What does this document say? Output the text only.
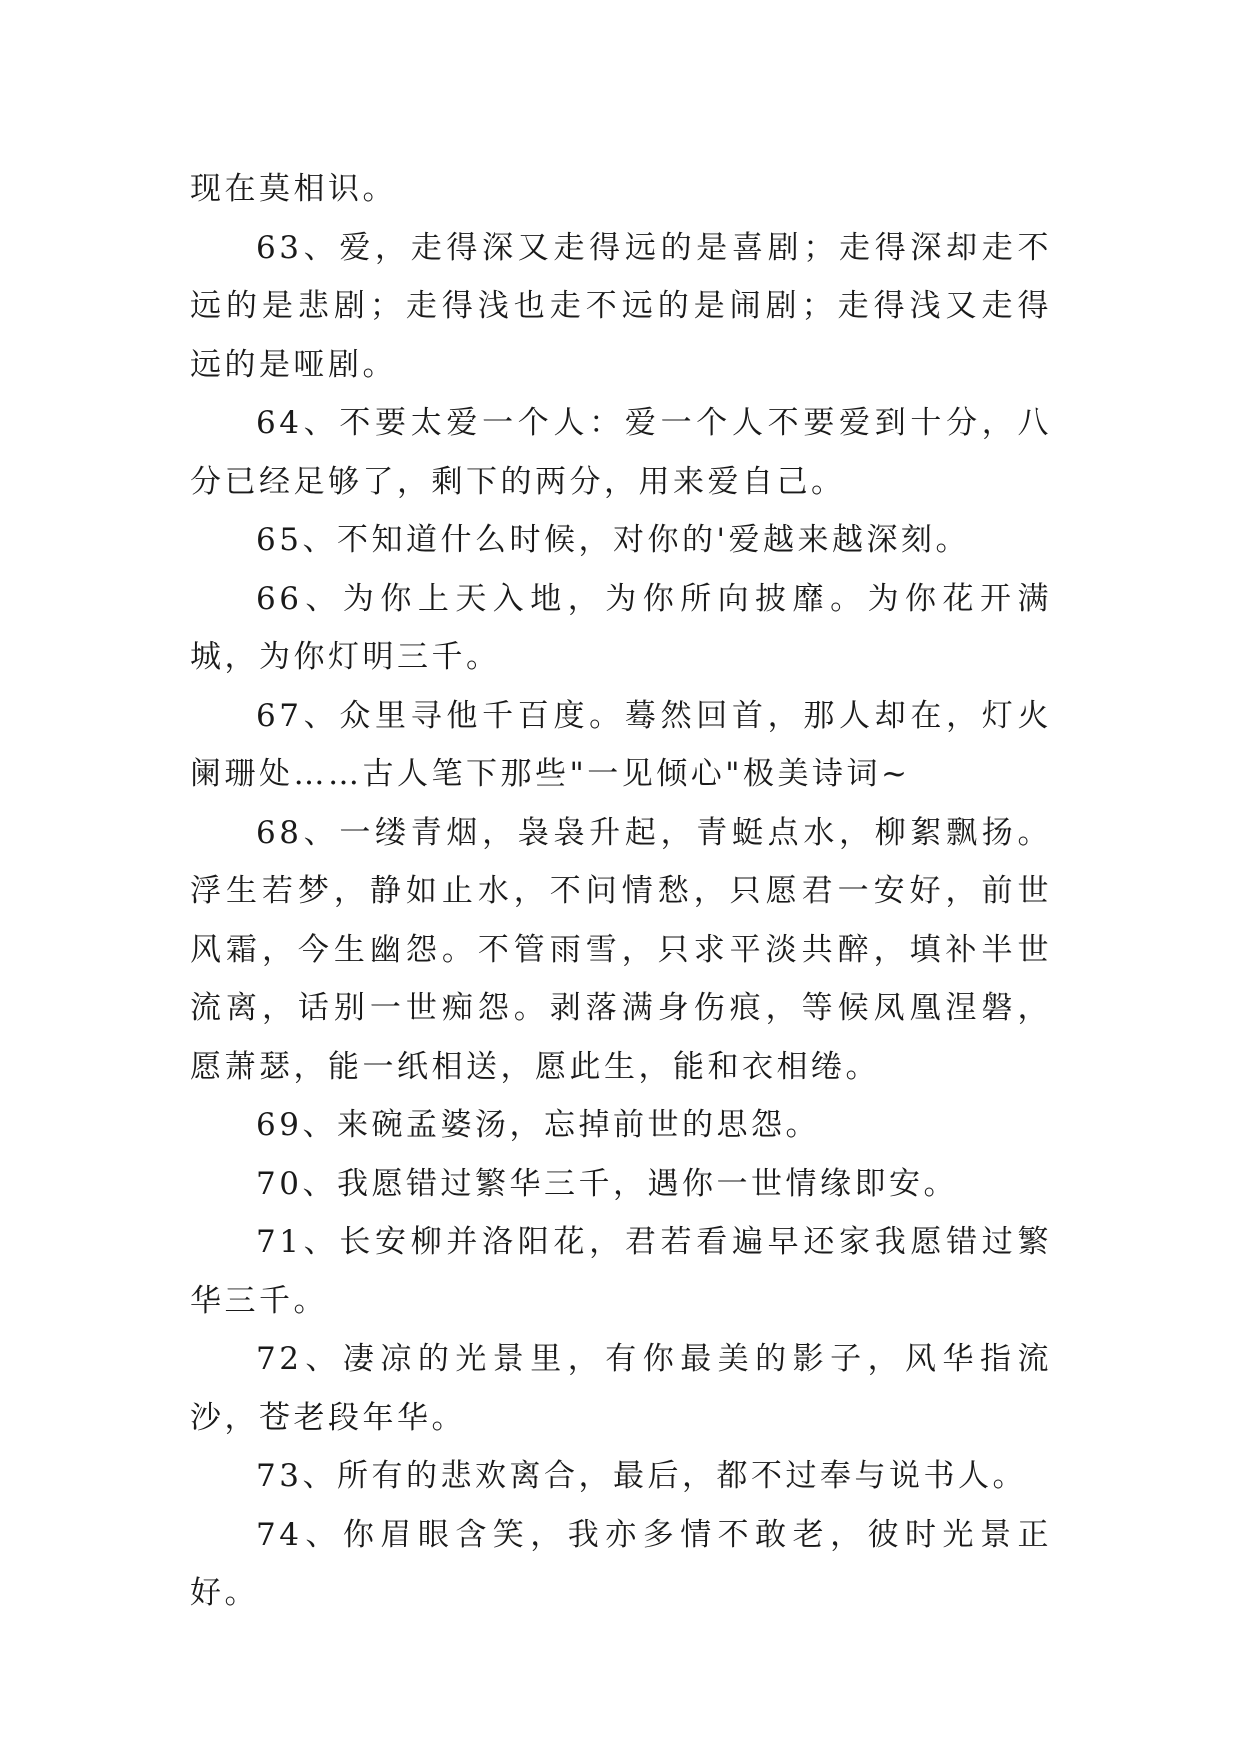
现在莫相识。

63、爱，走得深又走得远的是喜剧；走得深却走不远的是悲剧；走得浅也走不远的是闹剧；走得浅又走得远的是哑剧。

64、不要太爱一个人：爱一个人不要爱到十分，八分已经足够了，剩下的两分，用来爱自己。

65、不知道什么时候，对你的'爱越来越深刻。

66、为你上天入地，为你所向披靡。为你花开满城，为你灯明三千。

67、众里寻他千百度。蓦然回首，那人却在，灯火阑珊处……古人笔下那些"一见倾心"极美诗词~

68、一缕青烟，袅袅升起，青蜓点水，柳絮飘扬。浮生若梦，静如止水，不问情愁，只愿君一安好，前世风霜，今生幽怨。不管雨雪，只求平淡共醉，填补半世流离，话别一世痴怨。剥落满身伤痕，等候凤凰涅磐，愿萧瑟，能一纸相送，愿此生，能和衣相绻。

69、来碗孟婆汤，忘掉前世的思怨。

70、我愿错过繁华三千，遇你一世情缘即安。

71、长安柳并洛阳花，君若看遍早还家我愿错过繁华三千。

72、凄凉的光景里，有你最美的影子，风华指流沙，苍老段年华。

73、所有的悲欢离合，最后，都不过奉与说书人。

74、你眉眼含笑，我亦多情不敢老，彼时光景正好。
